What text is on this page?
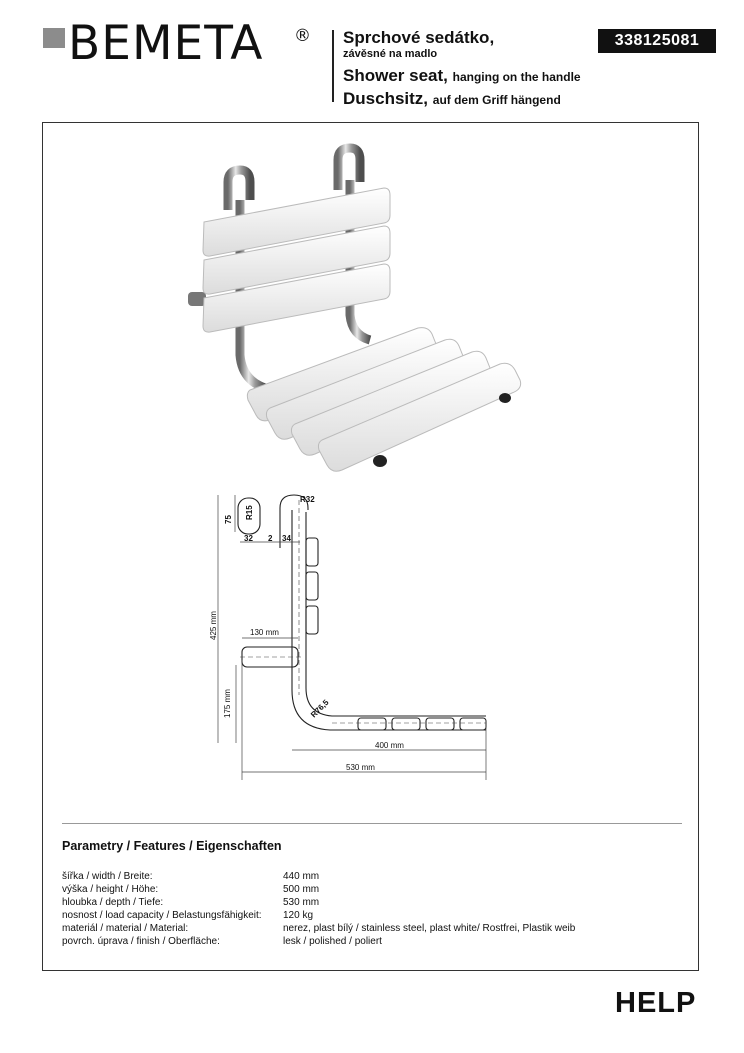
BEMETA ® Sprchové sedátko,
závěsné na madlo
Shower seat, hanging on the handle
Duschsitz, auf dem Griff hängend
338125081
75 R15
32 2 34
R32
R76,5
425 mm	130 mm
175 mm
400 mm
530 mm
Parametry / Features / Eigenschaften
šířka / width / Breite:	440 mm
výška / height / Höhe:	500 mm
hloubka / depth / Tiefe:	530 mm
nosnost / load capacity / Belastungsfähigkeit:	120 kg
materiál / material / Material:	nerez, plast bílý / stainless steel, plast white/ Rostfrei, Plastik weib
povrch. úprava / finish / Oberfläche:	lesk / polished / poliert
HELP
